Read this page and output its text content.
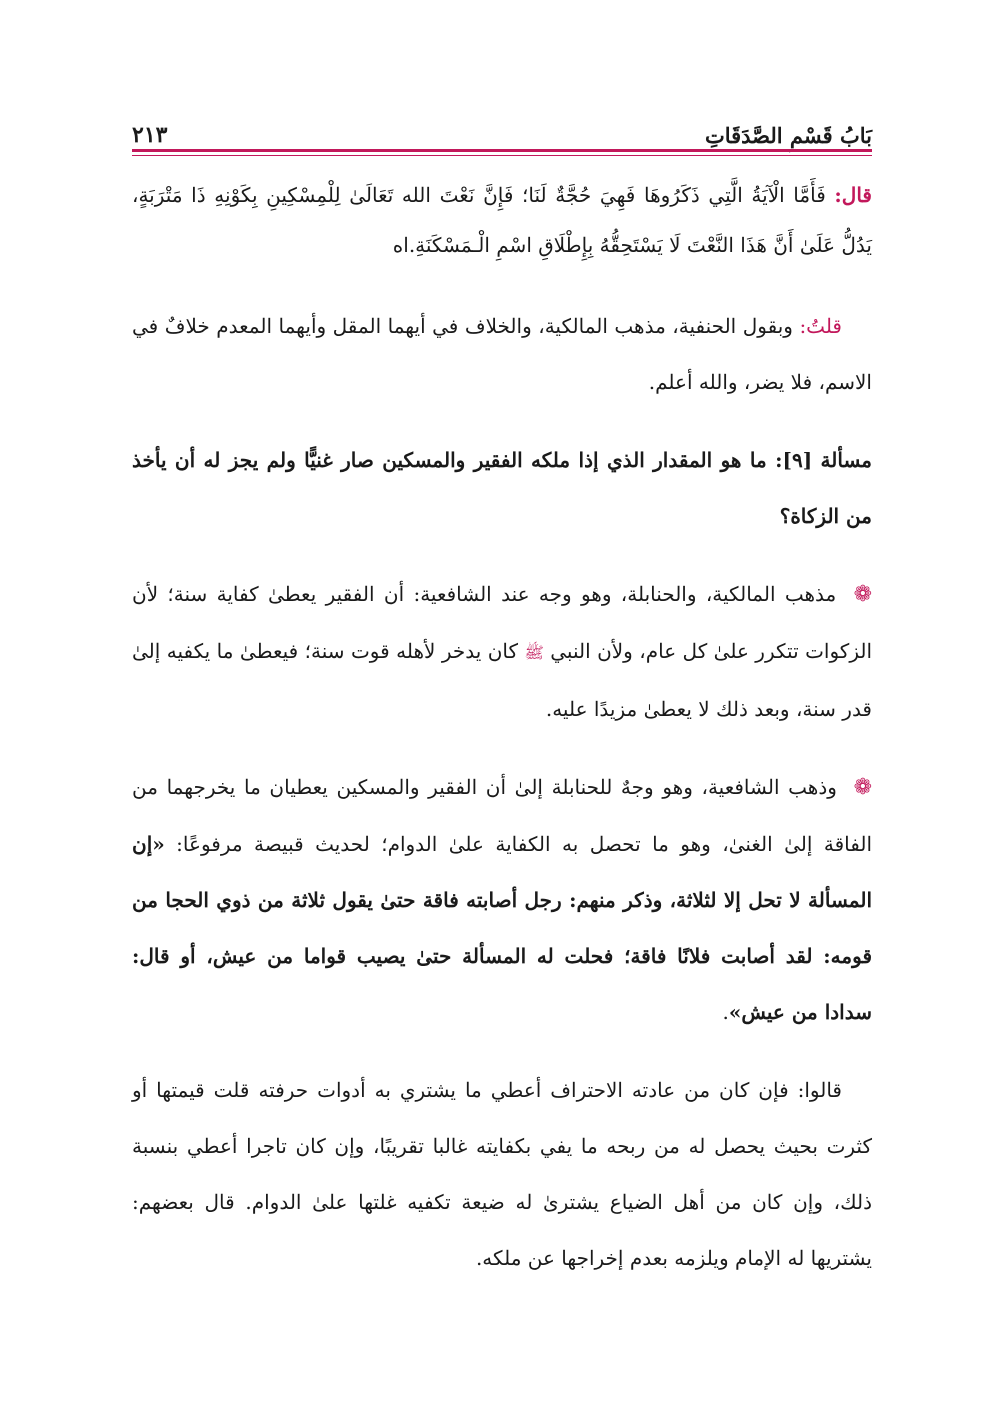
بَابُ قَسْمِ الصَّدَقَاتِ
٢١٣

قال: فَأَمَّا الْآيَةُ الَّتِي ذَكَرُوهَا فَهِيَ حُجَّةٌ لَنَا؛ فَإِنَّ نَعْتَ الله تَعَالَىٰ لِلْمِسْكِينِ بِكَوْنِهِ ذَا مَتْرَبَةٍ، يَدُلُّ عَلَىٰ أَنَّ هَذَا النَّعْتَ لَا يَسْتَحِقُّهُ بِإِطْلَاقِ اسْمِ الْـمَسْكَنَةِ.اه

قلتُ: وبقول الحنفية، مذهب المالكية، والخلاف في أيهما المقل وأيهما المعدم خلافٌ في الاسم، فلا يضر، والله أعلم.

مسألة [٩]: ما هو المقدار الذي إذا ملكه الفقير والمسكين صار غنيًّا ولم يجز له أن يأخذ من الزكاة؟

❁ مذهب المالكية، والحنابلة، وهو وجه عند الشافعية: أن الفقير يعطىٰ كفاية سنة؛ لأن الزكوات تتكرر علىٰ كل عام، ولأن النبي ﷺ كان يدخر لأهله قوت سنة؛ فيعطىٰ ما يكفيه إلىٰ قدر سنة، وبعد ذلك لا يعطىٰ مزيدًا عليه.

❁ وذهب الشافعية، وهو وجهٌ للحنابلة إلىٰ أن الفقير والمسكين يعطيان ما يخرجهما من الفاقة إلىٰ الغنىٰ، وهو ما تحصل به الكفاية علىٰ الدوام؛ لحديث قبيصة مرفوعًا: «إن المسألة لا تحل إلا لثلاثة، وذكر منهم: رجل أصابته فاقة حتىٰ يقول ثلاثة من ذوي الحجا من قومه: لقد أصابت فلانًا فاقة؛ فحلت له المسألة حتىٰ يصيب قواما من عيش، أو قال: سدادا من عيش».

قالوا: فإن كان من عادته الاحتراف أعطي ما يشتري به أدوات حرفته قلت قيمتها أو كثرت بحيث يحصل له من ربحه ما يفي بكفايته غالبا تقريبًا، وإن كان تاجرا أعطي بنسبة ذلك، وإن كان من أهل الضياع يشترىٰ له ضيعة تكفيه غلتها علىٰ الدوام. قال بعضهم: يشتريها له الإمام ويلزمه بعدم إخراجها عن ملكه.
